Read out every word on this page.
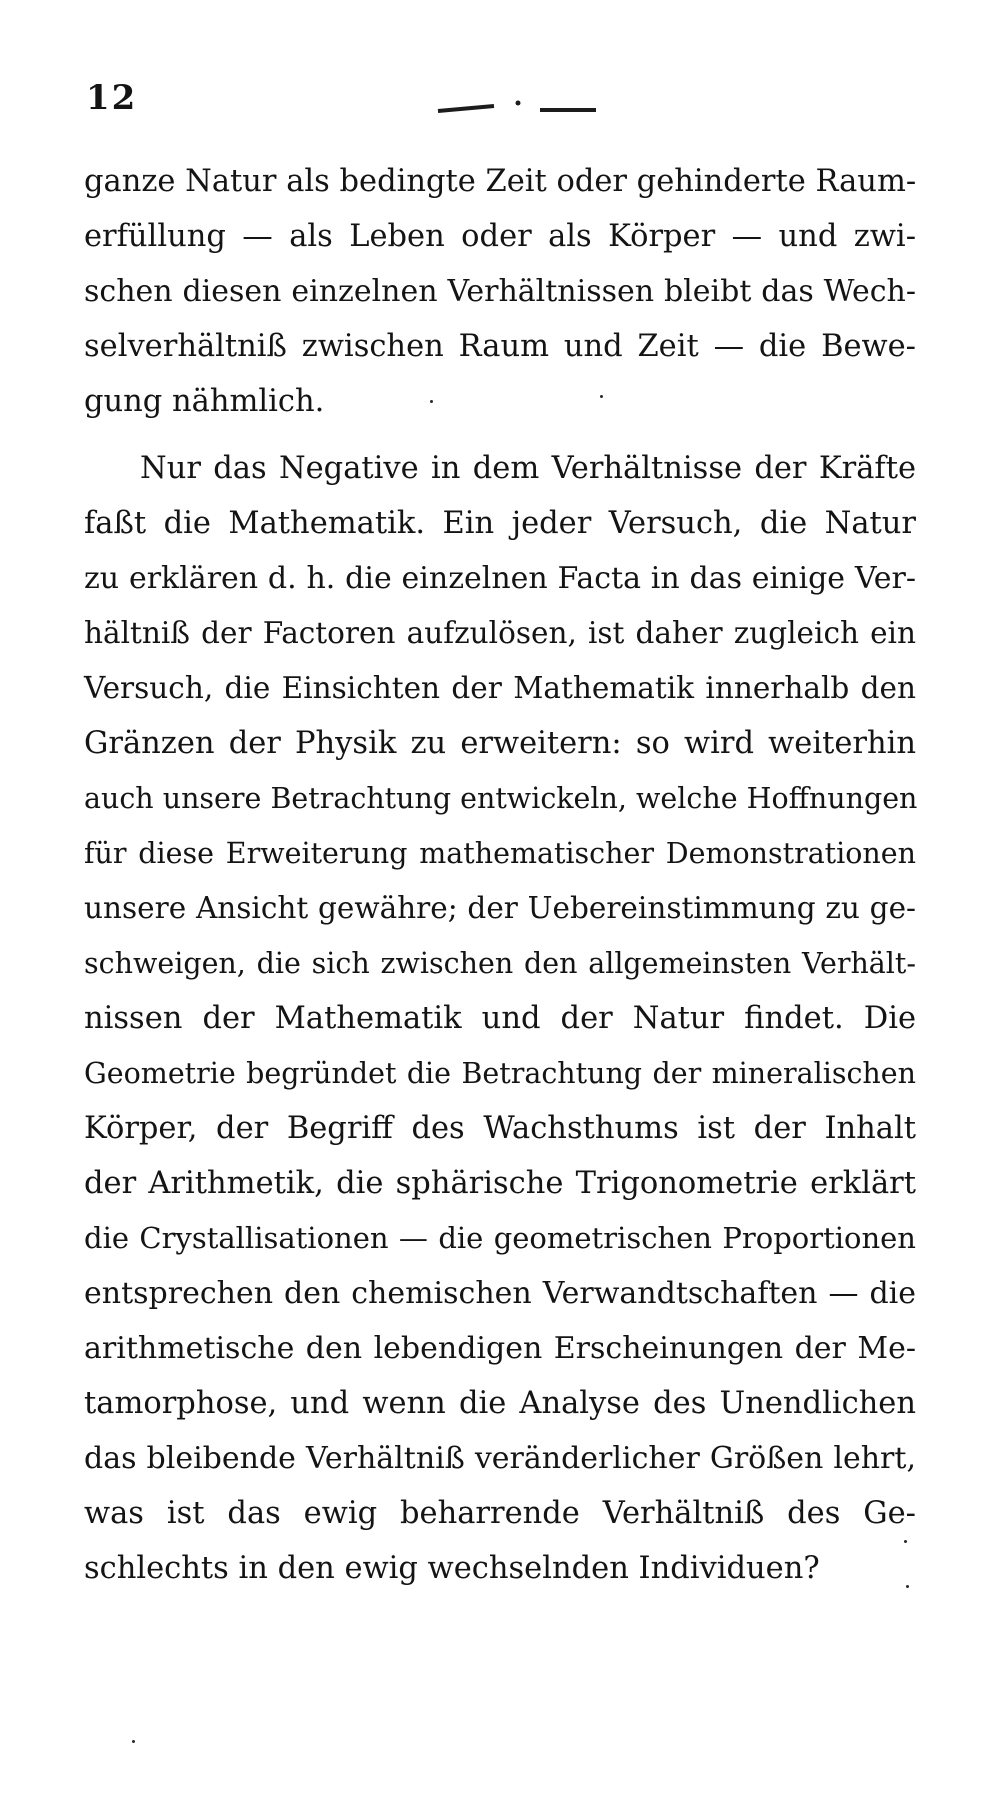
12
ganze Natur als bedingte Zeit oder gehinderte Raum-
erfüllung — als Leben oder als Körper — und zwi-
schen diesen einzelnen Verhältnissen bleibt das Wech-
selverhältniß zwischen Raum und Zeit — die Bewe-
gung nähmlich.
Nur das Negative in dem Verhältnisse der Kräfte
faßt die Mathematik. Ein jeder Versuch, die Natur
zu erklären d. h. die einzelnen Facta in das einige Ver-
hältniß der Factoren aufzulösen, ist daher zugleich ein
Versuch, die Einsichten der Mathematik innerhalb den
Gränzen der Physik zu erweitern: so wird weiterhin
auch unsere Betrachtung entwickeln, welche Hoffnungen
für diese Erweiterung mathematischer Demonstrationen
unsere Ansicht gewähre; der Uebereinstimmung zu ge-
schweigen, die sich zwischen den allgemeinsten Verhält-
nissen der Mathematik und der Natur findet. Die
Geometrie begründet die Betrachtung der mineralischen
Körper, der Begriff des Wachsthums ist der Inhalt
der Arithmetik, die sphärische Trigonometrie erklärt
die Crystallisationen — die geometrischen Proportionen
entsprechen den chemischen Verwandtschaften — die
arithmetische den lebendigen Erscheinungen der Me-
tamorphose, und wenn die Analyse des Unendlichen
das bleibende Verhältniß veränderlicher Größen lehrt,
was ist das ewig beharrende Verhältniß des Ge-
schlechts in den ewig wechselnden Individuen?
